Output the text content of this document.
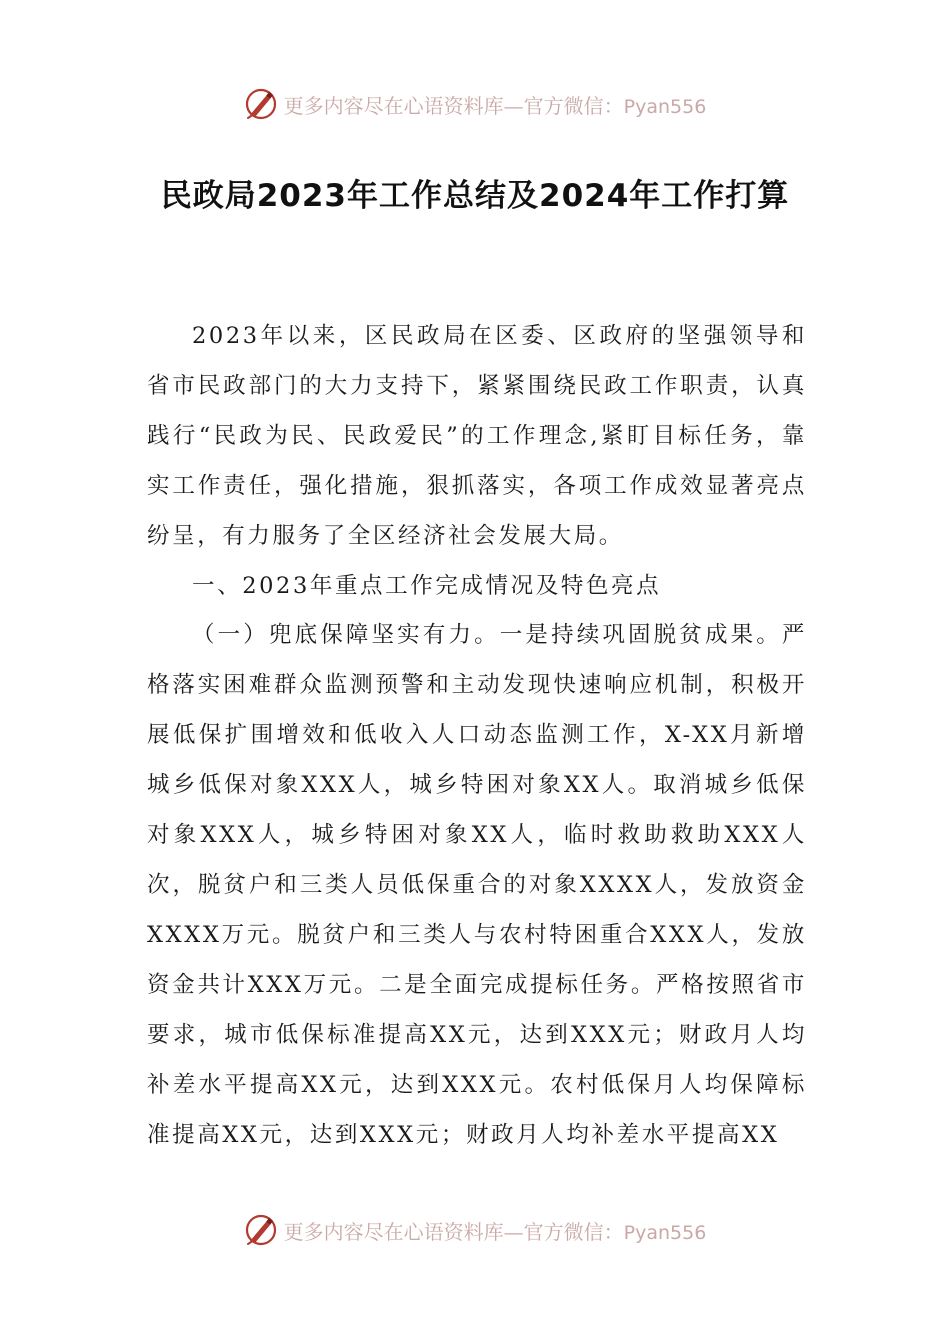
更多内容尽在心语资料库—官方微信：Pyan556
民政局2023年工作总结及2024年工作打算

2023年以来，区民政局在区委、区政府的坚强领导和省市民政部门的大力支持下，紧紧围绕民政工作职责，认真践行“民政为民、民政爱民”的工作理念,紧盯目标任务，靠实工作责任，强化措施，狠抓落实，各项工作成效显著亮点纷呈，有力服务了全区经济社会发展大局。

一、2023年重点工作完成情况及特色亮点

（一）兜底保障坚实有力。一是持续巩固脱贫成果。严格落实困难群众监测预警和主动发现快速响应机制，积极开展低保扩围增效和低收入人口动态监测工作，X-XX月新增城乡低保对象XXX人，城乡特困对象XX人。取消城乡低保对象XXX人，城乡特困对象XX人，临时救助救助XXX人次，脱贫户和三类人员低保重合的对象XXXX人，发放资金XXXX万元。脱贫户和三类人与农村特困重合XXX人，发放资金共计XXX万元。二是全面完成提标任务。严格按照省市要求，城市低保标准提高XX元，达到XXX元；财政月人均补差水平提高XX元，达到XXX元。农村低保月人均保障标准提高XX元，达到XXX元；财政月人均补差水平提高XX

更多内容尽在心语资料库—官方微信：Pyan556
